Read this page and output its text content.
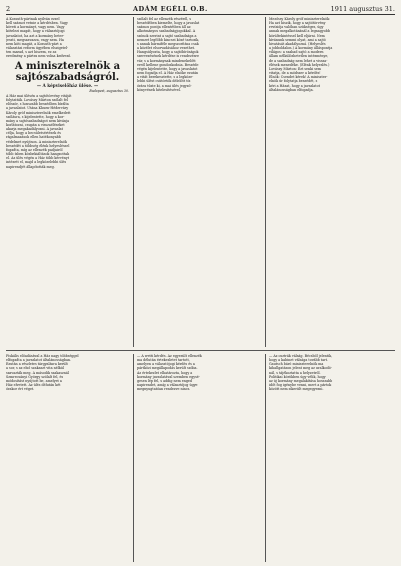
2	ADÁM EGÉLL O.B.	1911 augusztus 31.
A Kossuth-pártnak nyilván ezzel
kell számot vetnie a kérdésben. Vagy
követi a kormányt, vagy nem. Vagy
kötelezi magát, hogy a választójogi
javaslatot, ha azt a kormány beter-
jeszti, megszavazza, vagy nem. Ha
nem köti magát, a Kossuth-párt a
választási reform ügyében elszigetel-
ten marad, s azt hiszem, ez az
eredmény a pártra nem volna kedvező.
A miniszterelnök a sajtószabadságról.
— A képviselőház ülése. —
Budapest, augusztus 30.
A Ház mai ülésén a sajtótörvény vitáját
folytatták. Lovászy Márton szólalt fel
először, s hosszabb beszédben bírálta
a javaslatot. Utána Khuen-Héderváry
Károly gróf miniszterelnök emelkedett
szólásra, s kijelentette, hogy a kor-
mány a sajtószabadságot nem kívánja
korlátozni, csupán a visszaéléseket
akarja megakadályozni. A javaslat
célja, hogy a becsületsértések és
rágalmazások ellen hatékonyabb
védelmet nyújtson. A miniszterelnök
beszédét a többség élénk helyesléssel
fogadta, míg az ellenzék padjairól
több ízben közbekiáltások hangzottak
el. Az ülés végén a Ház több kérvényt
intézett el, majd a legközelebbi ülés
napirendjét állapították meg.
szólalt fel az ellenzék részéről, s
beszédében kiemelte, hogy a javaslat
számos pontja ellentétben áll az
alkotmányos szabadságjogokkal. A
szónok szerint a sajtó szabadsága a
nemzet legfőbb kincsei közé tartozik,
s annak bármiféle megszorítása csak
a közélet elsorvadásához vezethet.
Hangsúlyozta, hogy a sajtóbíróságok
szervezésének kérdése is rendezésre
vár, s a kormánynak mindenekelőtt
erről kellene gondoskodnia. Beszéde
végén kijelentette, hogy a javaslatot
nem fogadja el. A Ház elnöke ezután
a vitát berekesztette, s a legköze-
lebbi ülést csütörtök délelőtt tíz
órára tűzte ki, a mai ülés jegyző-
könyvének hitelesítésével.
Mezőssy Károly gróf miniszterelnök:
Ha azt hiszik, hogy a sajtótörvény
revíziója valóban szükséges, úgy
annak megalkotásánál a legnagyobb
körültekintéssel kell eljárni. Nem
kívánunk semmi olyat, ami a sajtó
hivatását akadályozná. (Helyeslés
a jobboldalon.) A kormány álláspontja
világos: a szabad sajtó a modern
állam nélkülözhetetlen intézménye,
de a szabadság nem lehet a vissza-
élések menedéke. (Élénk helyeslés.)
Lovászy Márton: Ezt senki sem
vitatja, de a módszer a kérdés!
Elnök: Csendet kérek! A miniszter-
elnök úr folytatja beszédét, s
kéri a Házat, hogy a javaslatot
általánosságban elfogadja.
Fiskális előadásával a Ház nagy többséggel
elfogadta a javaslatot általánosságban.
Ezután a részletes tárgyalásra került
a sor, s az első szakaszt vita nélkül
szavazták meg. A második szakasznál
Szmrecsányi György szólalt fel, és
módosítást nyújtott be, amelyet a
Ház elvetett. Az ülés délután két
órakor ért véget.
— A wetti kérdés. Az egyesült ellenzék
ma délután értekezletet tartott,
amelyen a választójogi kérdés és a
pártközi megállapodás került szóba.
Az értekezlet elhatározta, hogy a
kormány javaslatával szemben egysé-
gesen lép fel, s addig nem enged
napirendet, amíg a választójog ügye
megnyugtatóan rendezve nincs.
— Az osztrák válság. Bécsből jelentik,
hogy a kabinet válsága tovább tart.
Gautsch báró miniszterelnök ma
kihallgatáson jelent meg az uralkodó-
nál, s tájékoztatta a helyzetről.
Politikai körökben úgy vélik, hogy
az új kormány megalakítása hosszabb
időt fog igénybe venni, mert a pártok
között nem sikerült megegyezni.
